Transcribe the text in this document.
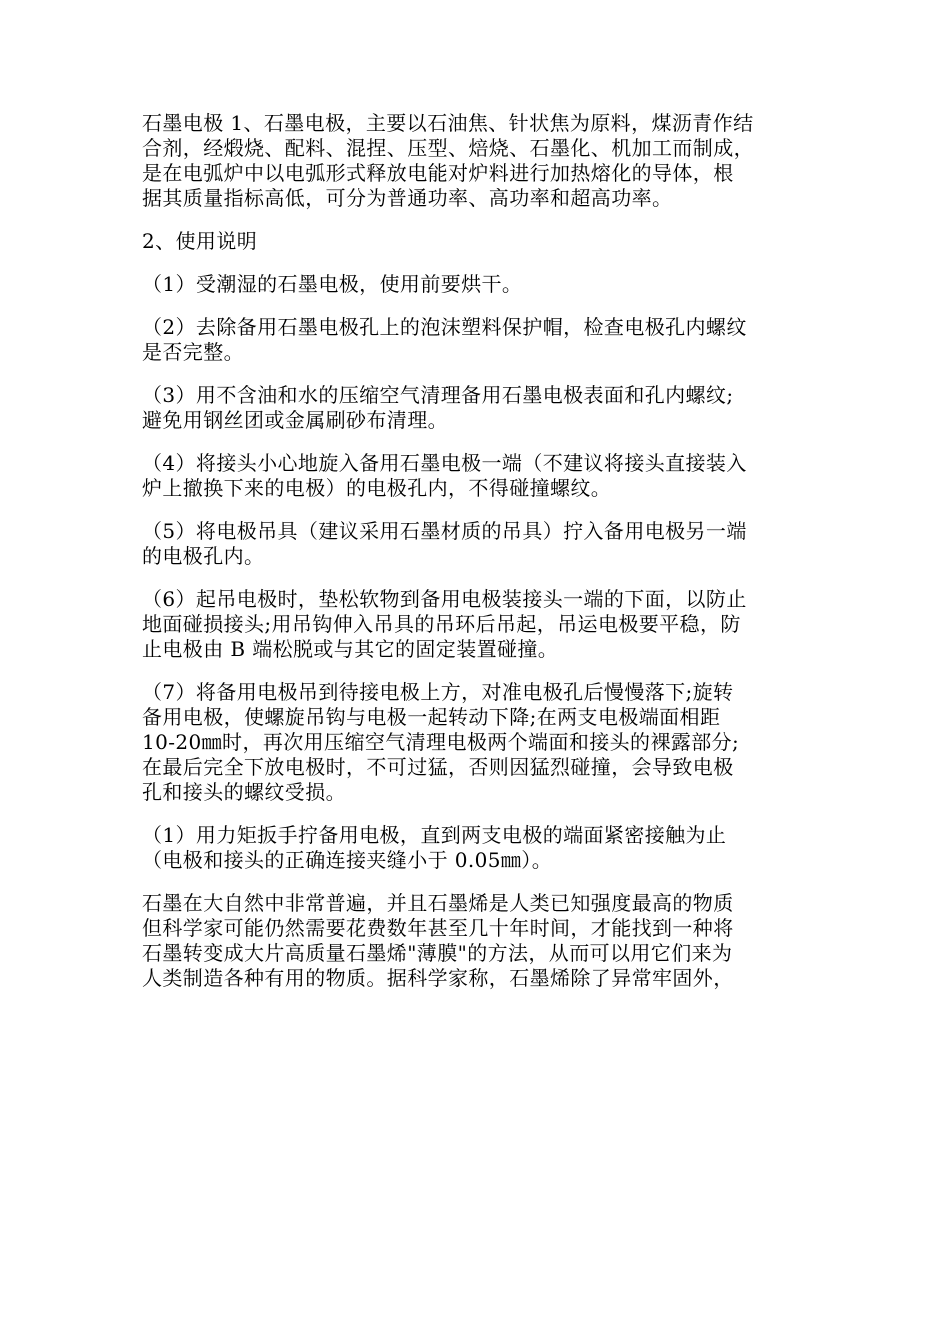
石墨电极 1、石墨电极，主要以石油焦、针状焦为原料，煤沥青作结
合剂，经煅烧、配料、混捏、压型、焙烧、石墨化、机加工而制成，
是在电弧炉中以电弧形式释放电能对炉料进行加热熔化的导体，根
据其质量指标高低，可分为普通功率、高功率和超高功率。

2、使用说明

（1）受潮湿的石墨电极，使用前要烘干。

（2）去除备用石墨电极孔上的泡沫塑料保护帽，检查电极孔内螺纹
是否完整。

（3）用不含油和水的压缩空气清理备用石墨电极表面和孔内螺纹;
避免用钢丝团或金属刷砂布清理。

（4）将接头小心地旋入备用石墨电极一端（不建议将接头直接装入
炉上撤换下来的电极）的电极孔内，不得碰撞螺纹。

（5）将电极吊具（建议采用石墨材质的吊具）拧入备用电极另一端
的电极孔内。

（6）起吊电极时，垫松软物到备用电极装接头一端的下面，以防止
地面碰损接头;用吊钩伸入吊具的吊环后吊起，吊运电极要平稳，防
止电极由 B 端松脱或与其它的固定装置碰撞。

（7）将备用电极吊到待接电极上方，对准电极孔后慢慢落下;旋转
备用电极，使螺旋吊钩与电极一起转动下降;在两支电极端面相距
10-20㎜时，再次用压缩空气清理电极两个端面和接头的裸露部分;
在最后完全下放电极时，不可过猛，否则因猛烈碰撞，会导致电极
孔和接头的螺纹受损。

（1）用力矩扳手拧备用电极，直到两支电极的端面紧密接触为止
（电极和接头的正确连接夹缝小于 0.05㎜）。

石墨在大自然中非常普遍，并且石墨烯是人类已知强度最高的物质
但科学家可能仍然需要花费数年甚至几十年时间，才能找到一种将
石墨转变成大片高质量石墨烯"薄膜"的方法，从而可以用它们来为
人类制造各种有用的物质。据科学家称，石墨烯除了异常牢固外，
